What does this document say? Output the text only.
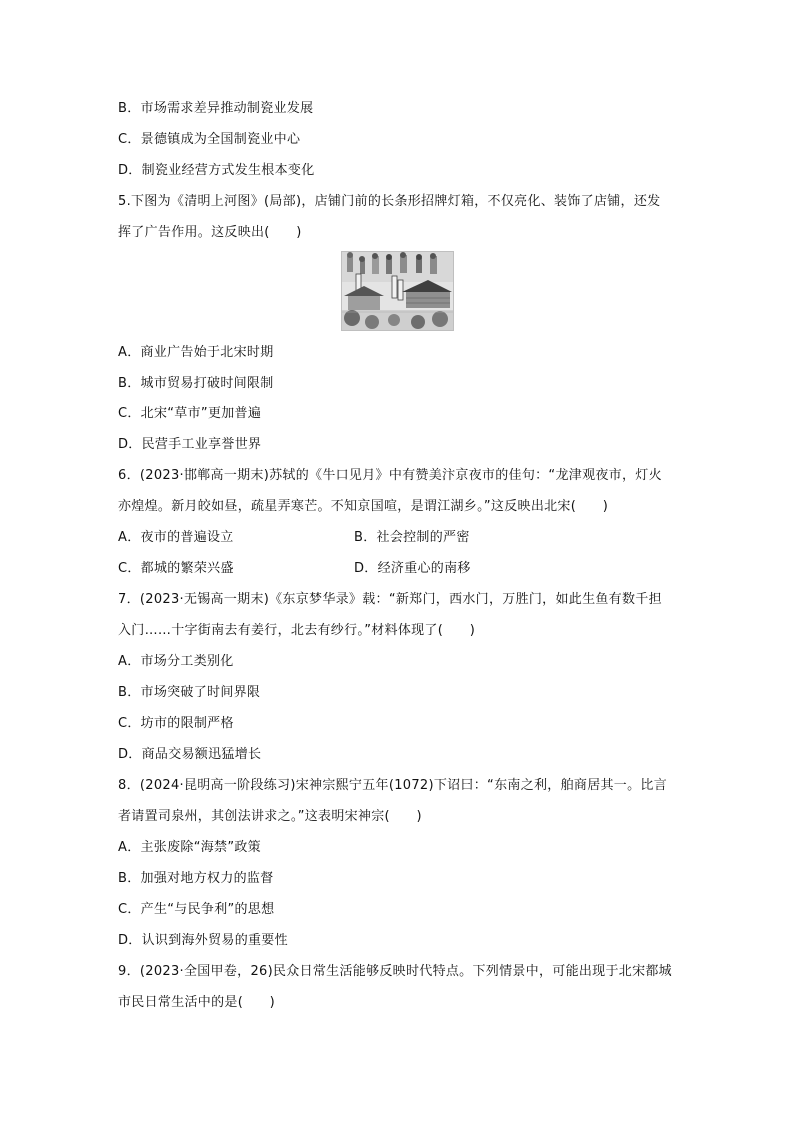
B．市场需求差异推动制瓷业发展
C．景德镇成为全国制瓷业中心
D．制瓷业经营方式发生根本变化
5.下图为《清明上河图》(局部)，店铺门前的长条形招牌灯箱，不仅亮化、装饰了店铺，还发
挥了广告作用。这反映出(　　)
A．商业广告始于北宋时期
B．城市贸易打破时间限制
C．北宋“草市”更加普遍
D．民营手工业享誉世界
6．(2023·邯郸高一期末)苏轼的《牛口见月》中有赞美汴京夜市的佳句：“龙津观夜市，灯火
亦煌煌。新月皎如昼，疏星弄寒芒。不知京国喧，是谓江湖乡。”这反映出北宋(　　)
A．夜市的普遍设立	B．社会控制的严密
C．都城的繁荣兴盛	D．经济重心的南移
7．(2023·无锡高一期末)《东京梦华录》载：“新郑门，西水门，万胜门，如此生鱼有数千担
入门……十字街南去有姜行，北去有纱行。”材料体现了(　　)
A．市场分工类别化
B．市场突破了时间界限
C．坊市的限制严格
D．商品交易额迅猛增长
8．(2024·昆明高一阶段练习)宋神宗熙宁五年(1072)下诏曰：“东南之利，舶商居其一。比言
者请置司泉州，其创法讲求之。”这表明宋神宗(　　)
A．主张废除“海禁”政策
B．加强对地方权力的监督
C．产生“与民争利”的思想
D．认识到海外贸易的重要性
9．(2023·全国甲卷，26)民众日常生活能够反映时代特点。下列情景中，可能出现于北宋都城
市民日常生活中的是(　　)
